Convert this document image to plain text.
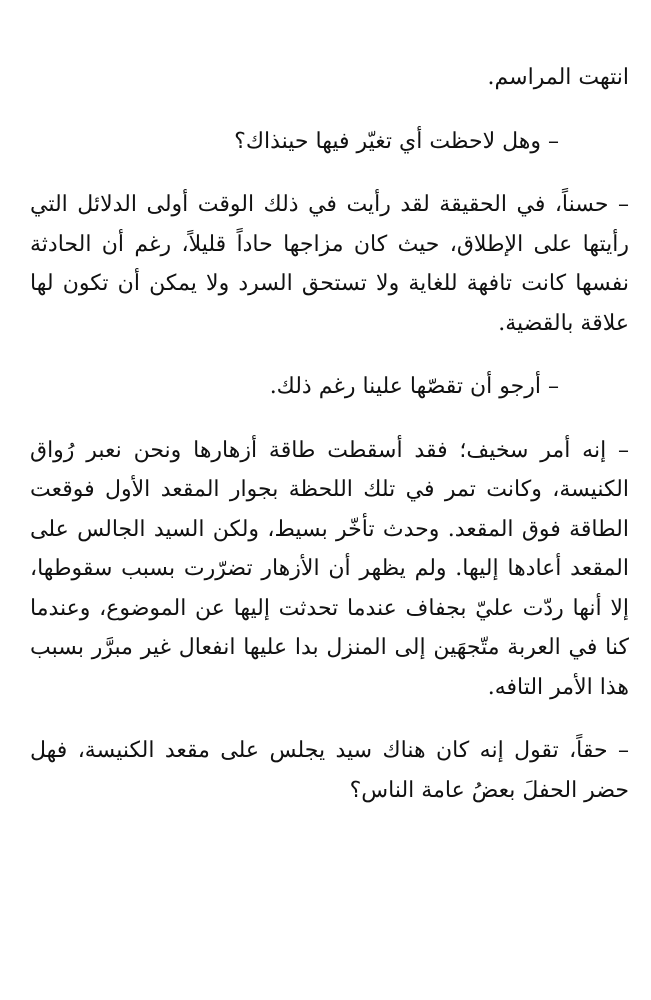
انتهت المراسم.

– وهل لاحظت أي تغيّر فيها حينذاك؟

– حسناً، في الحقيقة لقد رأيت في ذلك الوقت أولى الدلائل التي رأيتها على الإطلاق، حيث كان مزاجها حاداً قليلاً، رغم أن الحادثة نفسها كانت تافهة للغاية ولا تستحق السرد ولا يمكن أن تكون لها علاقة بالقضية.

– أرجو أن تقصّها علينا رغم ذلك.

– إنه أمر سخيف؛ فقد أسقطت طاقة أزهارها ونحن نعبر رُواق الكنيسة، وكانت تمر في تلك اللحظة بجوار المقعد الأول فوقعت الطاقة فوق المقعد. وحدث تأخّر بسيط، ولكن السيد الجالس على المقعد أعادها إليها. ولم يظهر أن الأزهار تضرّرت بسبب سقوطها، إلا أنها ردّت عليّ بجفاف عندما تحدثت إليها عن الموضوع، وعندما كنا في العربة متّجهَين إلى المنزل بدا عليها انفعال غير مبرَّر بسبب هذا الأمر التافه.

– حقاً، تقول إنه كان هناك سيد يجلس على مقعد الكنيسة، فهل حضر الحفلَ بعضُ عامة الناس؟
